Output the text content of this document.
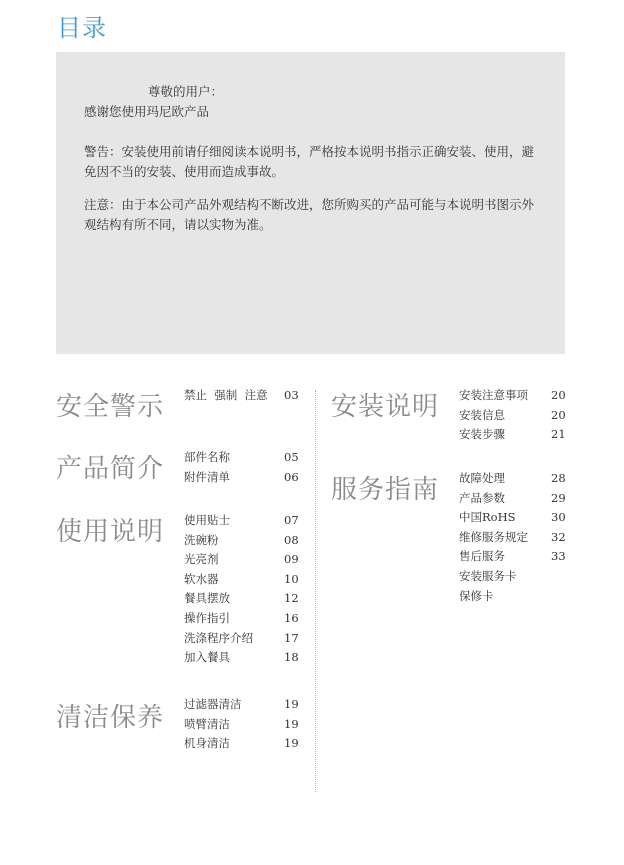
目录

尊敬的用户：

感谢您使用玛尼欧产品

警告：安装使用前请仔细阅读本说明书，严格按本说明书指示正确安装、使用，避免因不当的安装、使用而造成事故。

注意：由于本公司产品外观结构不断改进，您所购买的产品可能与本说明书图示外观结构有所不同，请以实物为准。

安全警示 禁止  强制  注意 03
产品简介 部件名称	05
附件清单	06
使用说明 使用贴士	07
洗碗粉	08
光亮剂	09
软水器	10
餐具摆放	12
操作指引	16
洗涤程序介绍	17
加入餐具	18
清洁保养 过滤器清洁	19
喷臂清洁	19
机身清洁	19
安装说明 安装注意事项 20
安装信息	20
安装步骤	21
服务指南 故障处理	28
产品参数	29
中国RoHS	30
维修服务规定 32
售后服务	33
安装服务卡
保修卡
